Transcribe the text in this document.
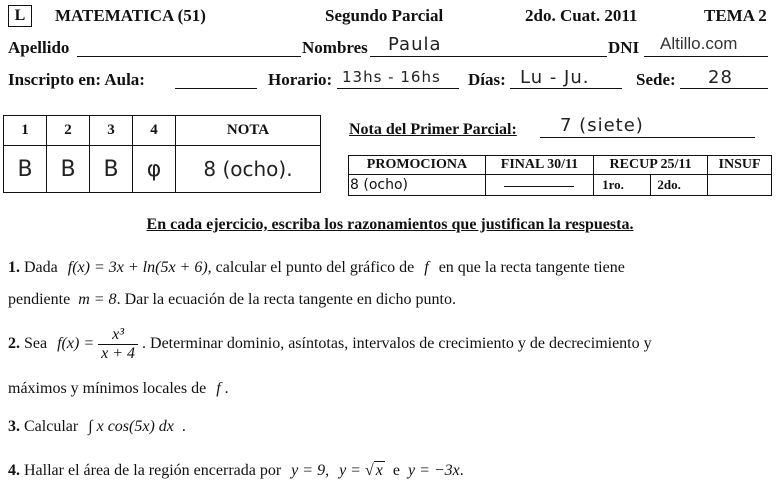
L	MATEMATICA (51)	Segundo Parcial	2do. Cuat. 2011	TEMA 2
Apellido	Nombres Paula	DNI Altillo.com
Inscripto en: Aula:	Horario: 13hs - 16hs Días: Lu - Ju.	Sede: 28
1	2	3	4	NOTA
B	B	B	φ	8 (ocho).
Nota del Primer Parcial: 7 (siete)
PROMOCIONA	FINAL 30/11	RECUP 25/11		INSUF
8 (ocho)		1ro.	2do.	
En cada ejercicio, escriba los razonamientos que justifican la respuesta.
1. Dada f(x) = 3x + ln(5x + 6), calcular el punto del gráfico de f en que la recta tangente tiene
pendiente m = 8. Dar la ecuación de la recta tangente en dicho punto.
2. Sea $f(x) = \frac{\text{x³}}{x + 4}$ . Determinar dominio, asíntotas, intervalos de crecimiento y de decrecimiento y
máximos y mínimos locales de f .
3. Calcular ∫ x cos(5x) dx .
4. Hallar el área de la región encerrada por y = 9, y = √ x e y = −3x.
